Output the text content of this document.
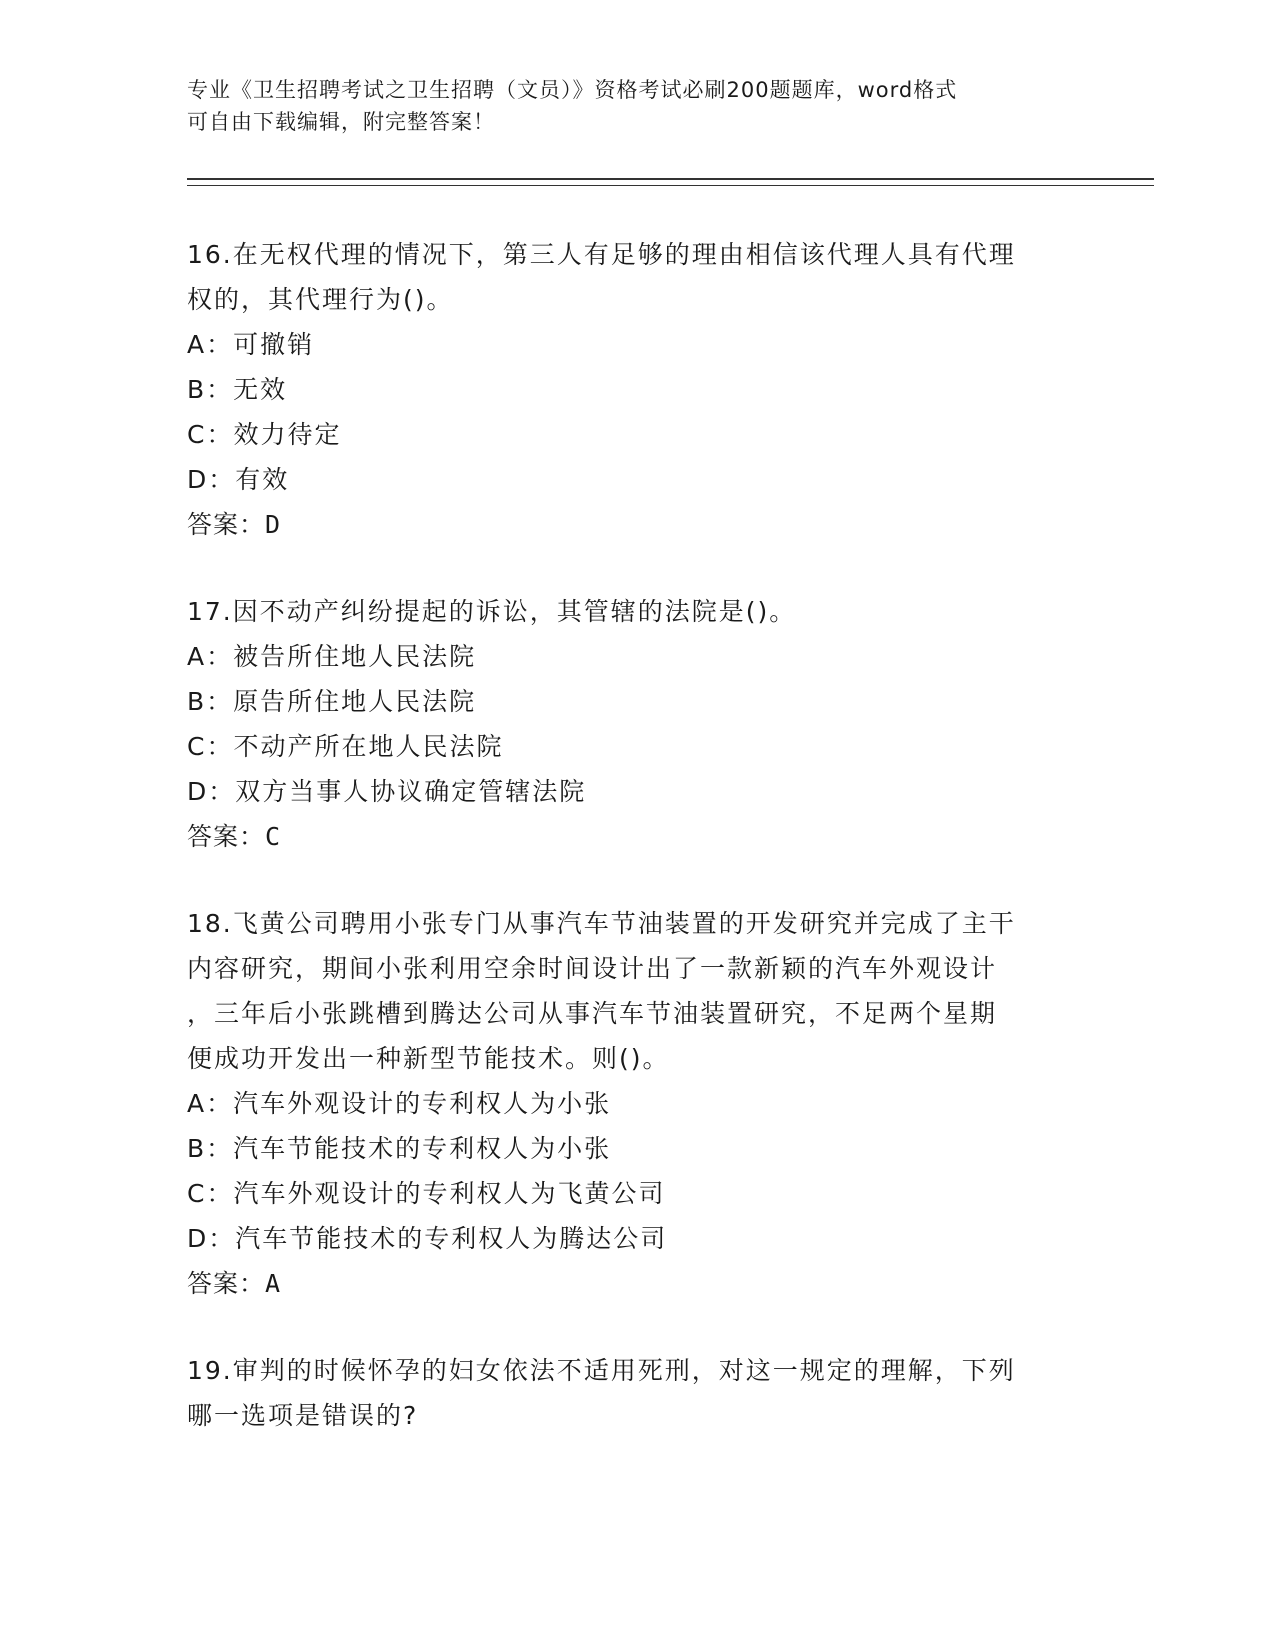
专业《卫生招聘考试之卫生招聘（文员）》资格考试必刷200题题库，word格式
可自由下载编辑，附完整答案！

16.在无权代理的情况下，第三人有足够的理由相信该代理人具有代理

权的，其代理行为()。

A：可撤销

B：无效

C：效力待定

D：有效

答案：D

17.因不动产纠纷提起的诉讼，其管辖的法院是()。

A：被告所住地人民法院

B：原告所住地人民法院

C：不动产所在地人民法院

D：双方当事人协议确定管辖法院

答案：C

18.飞黄公司聘用小张专门从事汽车节油装置的开发研究并完成了主干

内容研究，期间小张利用空余时间设计出了一款新颖的汽车外观设计

，三年后小张跳槽到腾达公司从事汽车节油装置研究，不足两个星期

便成功开发出一种新型节能技术。则()。

A：汽车外观设计的专利权人为小张

B：汽车节能技术的专利权人为小张

C：汽车外观设计的专利权人为飞黄公司

D：汽车节能技术的专利权人为腾达公司

答案：A

19.审判的时候怀孕的妇女依法不适用死刑，对这一规定的理解，下列

哪一选项是错误的?
